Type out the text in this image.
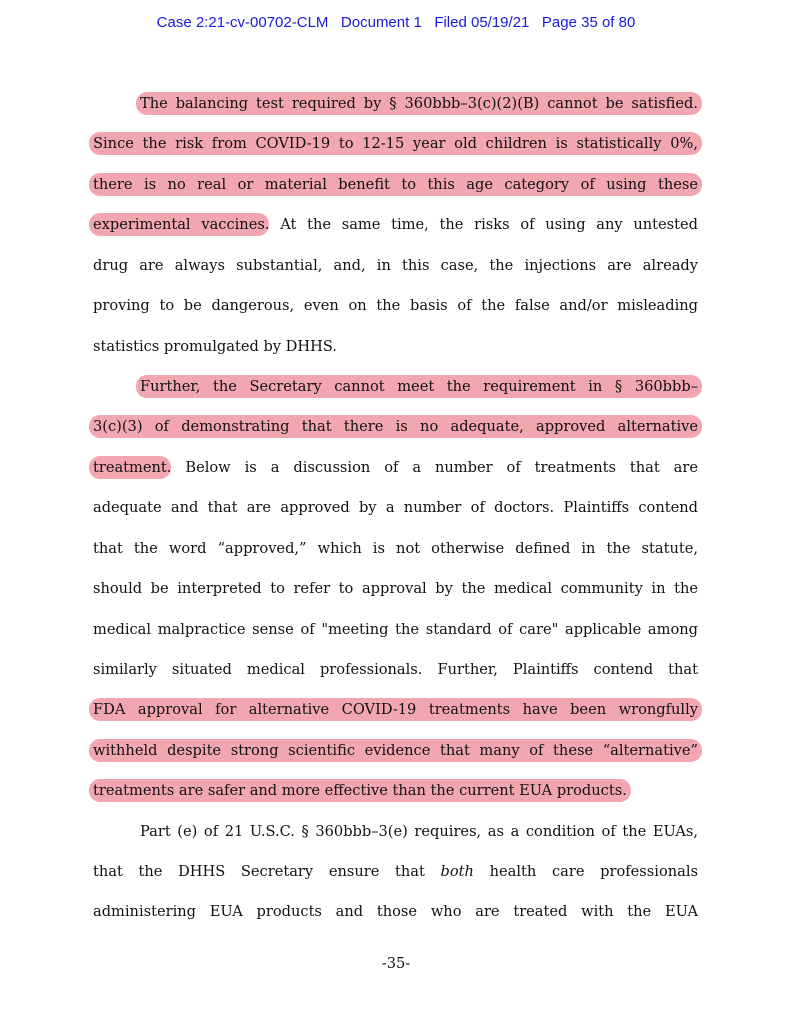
Case 2:21-cv-00702-CLM Document 1 Filed 05/19/21 Page 35 of 80
The balancing test required by § 360bbb–3(c)(2)(B) cannot be satisfied.
Since the risk from COVID-19 to 12-15 year old children is statistically 0%,
there is no real or material benefit to this age category of using these
experimental vaccines. At the same time, the risks of using any untested
drug are always substantial, and, in this case, the injections are already
proving to be dangerous, even on the basis of the false and/or misleading
statistics promulgated by DHHS.
Further, the Secretary cannot meet the requirement in § 360bbb–
3(c)(3) of demonstrating that there is no adequate, approved alternative
treatment. Below is a discussion of a number of treatments that are
adequate and that are approved by a number of doctors. Plaintiffs contend
that the word “approved,” which is not otherwise defined in the statute,
should be interpreted to refer to approval by the medical community in the
medical malpractice sense of "meeting the standard of care" applicable among
similarly situated medical professionals. Further, Plaintiffs contend that
FDA approval for alternative COVID-19 treatments have been wrongfully
withheld despite strong scientific evidence that many of these “alternative”
treatments are safer and more effective than the current EUA products.
Part (e) of 21 U.S.C. § 360bbb–3(e) requires, as a condition of the EUAs,
that the DHHS Secretary ensure that both health care professionals
administering EUA products and those who are treated with the EUA
-35-
